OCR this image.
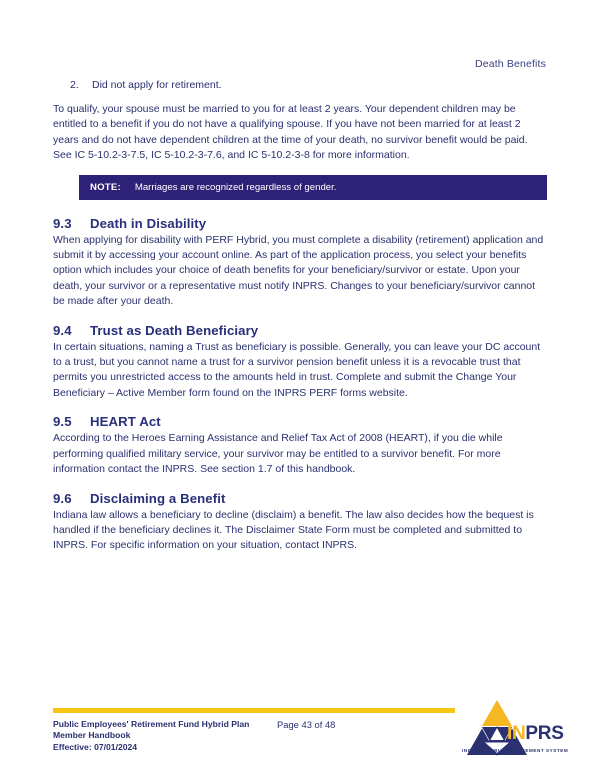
Death Benefits
2.	Did not apply for retirement.

To qualify, your spouse must be married to you for at least 2 years. Your dependent children may be entitled to a benefit if you do not have a qualifying spouse. If you have not been married for at least 2 years and do not have dependent children at the time of your death, no survivor benefit would be paid. See IC 5-10.2-3-7.5, IC 5-10.2-3-7.6, and IC 5-10.2-3-8 for more information.

NOTE: Marriages are recognized regardless of gender.
9.3	Death in Disability

When applying for disability with PERF Hybrid, you must complete a disability (retirement) application and submit it by accessing your account online. As part of the application process, you select your benefits option which includes your choice of death benefits for your beneficiary/survivor or estate. Upon your death, your survivor or a representative must notify INPRS. Changes to your beneficiary/survivor cannot be made after your death.

9.4	Trust as Death Beneficiary

In certain situations, naming a Trust as beneficiary is possible. Generally, you can leave your DC account to a trust, but you cannot name a trust for a survivor pension benefit unless it is a revocable trust that permits you unrestricted access to the amounts held in trust. Complete and submit the Change Your Beneficiary – Active Member form found on the INPRS PERF forms website.

9.5	HEART Act

According to the Heroes Earning Assistance and Relief Tax Act of 2008 (HEART), if you die while performing qualified military service, your survivor may be entitled to a survivor benefit. For more information contact the INPRS. See section 1.7 of this handbook.

9.6	Disclaiming a Benefit

Indiana law allows a beneficiary to decline (disclaim) a benefit. The law also decides how the bequest is handled if the beneficiary declines it. The Disclaimer State Form must be completed and submitted to INPRS. For specific information on your situation, contact INPRS.

Public Employees' Retirement Fund Hybrid Plan
Member Handbook
Effective: 07/01/2024
Page 43 of 48	INPRS
INDIANA PUBLIC RETIREMENT SYSTEM
